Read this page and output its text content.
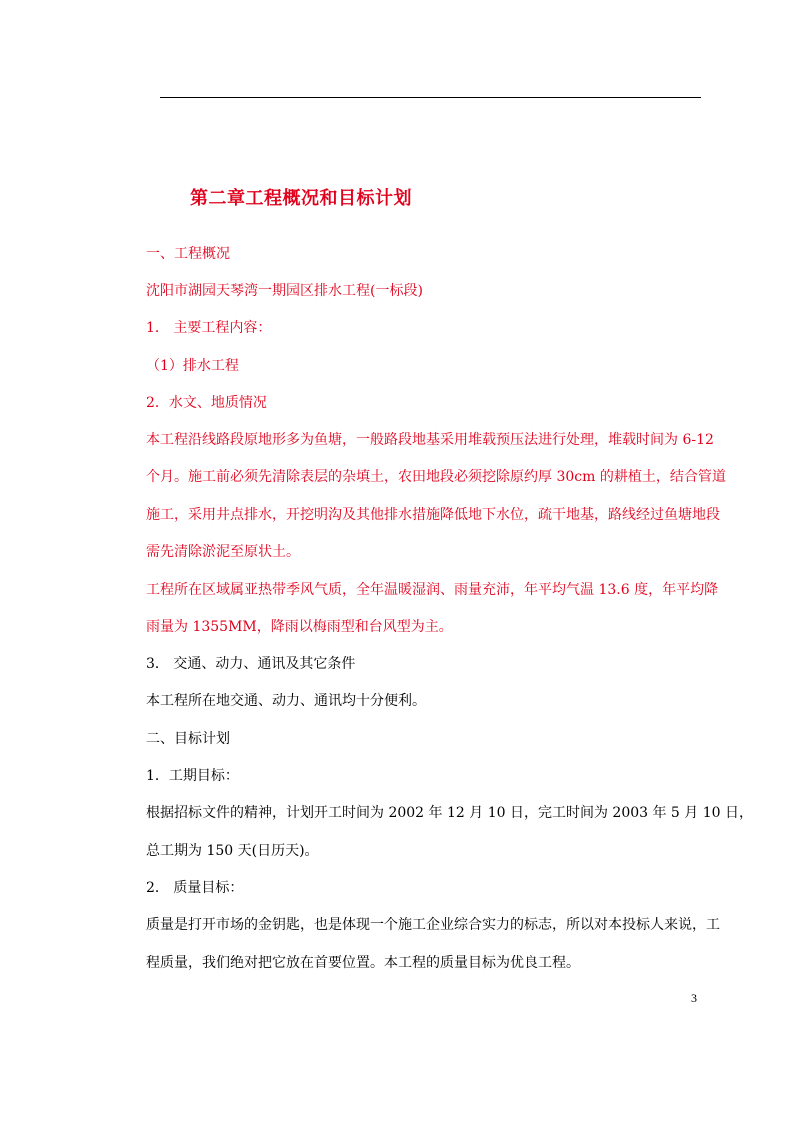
第二章工程概况和目标计划
一、工程概况
沈阳市湖园天琴湾一期园区排水工程(一标段)
1． 主要工程内容：
（1）排水工程
2．水文、地质情况
本工程沿线路段原地形多为鱼塘，一般路段地基采用堆载预压法进行处理，堆载时间为 6-12
个月。施工前必须先清除表层的杂填土，农田地段必须挖除原约厚 30cm 的耕植土，结合管道
施工，采用井点排水，开挖明沟及其他排水措施降低地下水位，疏干地基，路线经过鱼塘地段
需先清除淤泥至原状土。
工程所在区域属亚热带季风气质，全年温暖湿润、雨量充沛，年平均气温 13.6 度，年平均降
雨量为 1355MM，降雨以梅雨型和台风型为主。
3． 交通、动力、通讯及其它条件
本工程所在地交通、动力、通讯均十分便利。
二、目标计划
1．工期目标：
根据招标文件的精神，计划开工时间为 2002 年 12 月 10 日，完工时间为 2003 年 5 月 10 日，
总工期为 150 天(日历天)。
2． 质量目标：
质量是打开市场的金钥匙，也是体现一个施工企业综合实力的标志，所以对本投标人来说，工
程质量，我们绝对把它放在首要位置。本工程的质量目标为优良工程。
3
